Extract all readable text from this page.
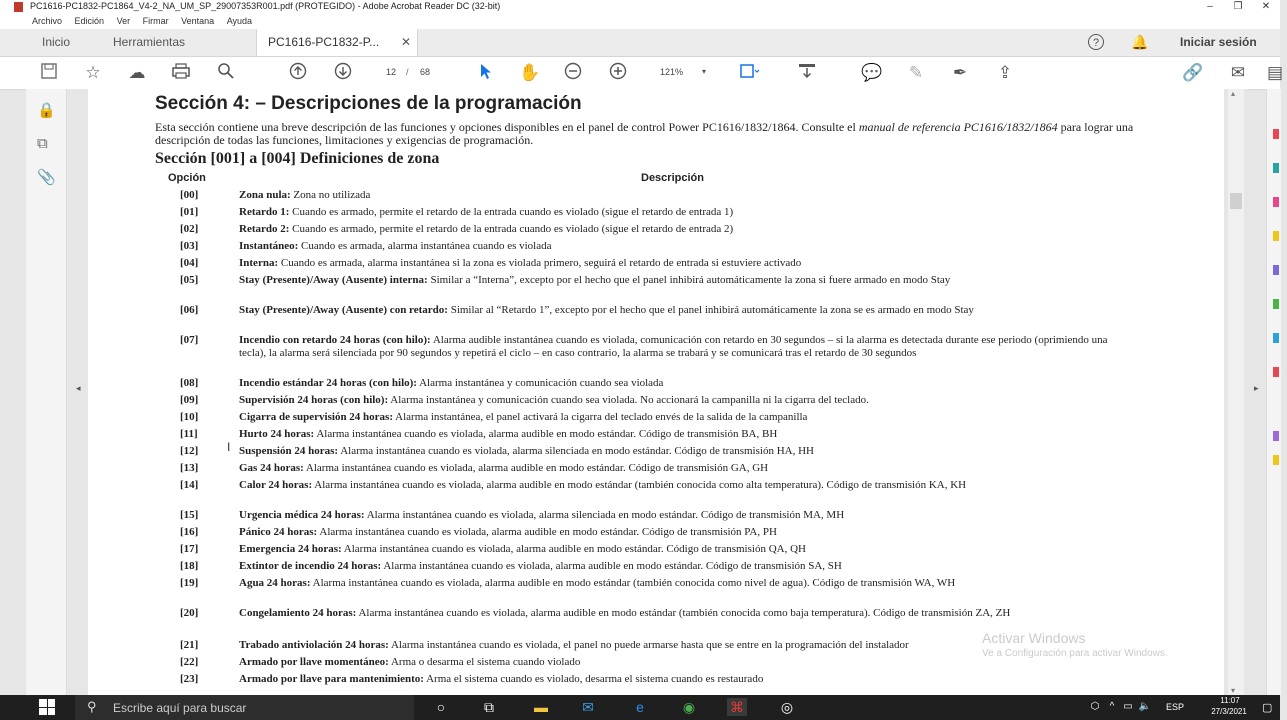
PC1616-PC1832-PC1864_V4-2_NA_UM_SP_29007353R001.pdf (PROTEGIDO) - Adobe Acrobat Reader DC (32-bit)	–	❐	✕
Archivo Edición Ver Firmar Ventana Ayuda
Inicio	Herramientas	PC1616-PC1832-P... ✕	?	🔔	Iniciar sesión
☆ ☁	12	/ 68	✋	121% ▾	💬 ✎ ✒ ⇪	🔗 ✉ ▤
🔒
⧉
📎
◂	▸
Sección 4: – Descripciones de la programación
Esta sección contiene una breve descripción de las funciones y opciones disponibles en el panel de control Power PC1616/1832/1864. Consulte el manual de referencia PC1616/1832/1864 para lograr una descripción de todas las funciones, limitaciones y exigencias de programación.
Sección [001] a [004] Definiciones de zona
Opción	Descripción
[00]	Zona nula: Zona no utilizada
[01]	Retardo 1: Cuando es armado, permite el retardo de la entrada cuando es violado (sigue el retardo de entrada 1)
[02]	Retardo 2: Cuando es armado, permite el retardo de la entrada cuando es violado (sigue el retardo de entrada 2)
[03]	Instantáneo: Cuando es armada, alarma instantánea cuando es violada
[04]	Interna: Cuando es armada, alarma instantánea si la zona es violada primero, seguirá el retardo de entrada si estuviere activado
[05]	Stay (Presente)/Away (Ausente) interna: Similar a “Interna”, excepto por el hecho que el panel inhibirá automáticamente la zona si fuere armado en modo Stay
[06]	Stay (Presente)/Away (Ausente) con retardo: Similar al “Retardo 1”, excepto por el hecho que el panel inhibirá automáticamente la zona se es armado en modo Stay
[07]	Incendio con retardo 24 horas (con hilo): Alarma audible instantánea cuando es violada, comunicación con retardo en 30 segundos – si la alarma es detectada durante ese periodo (oprimiendo una tecla), la alarma será silenciada por 90 segundos y repetirá el ciclo – en caso contrario, la alarma se trabará y se comunicará tras el retardo de 30 segundos
[08]	Incendio estándar 24 horas (con hilo): Alarma instantánea y comunicación cuando sea violada
[09]	Supervisión 24 horas (con hilo): Alarma instantánea y comunicación cuando sea violada. No accionará la campanilla ni la cigarra del teclado.
[10]	Cigarra de supervisión 24 horas: Alarma instantánea, el panel activará la cigarra del teclado envés de la salida de la campanilla
[11]	Hurto 24 horas: Alarma instantánea cuando es violada, alarma audible en modo estándar. Código de transmisión BA, BH
[12]	Suspensión 24 horas: Alarma instantánea cuando es violada, alarma silenciada en modo estándar. Código de transmisión HA, HH
[13]	Gas 24 horas: Alarma instantánea cuando es violada, alarma audible en modo estándar. Código de transmisión GA, GH
[14]	Calor 24 horas: Alarma instantánea cuando es violada, alarma audible en modo estándar (también conocida como alta temperatura). Código de transmisión KA, KH
[15]	Urgencia médica 24 horas: Alarma instantánea cuando es violada, alarma silenciada en modo estándar. Código de transmisión MA, MH
[16]	Pánico 24 horas: Alarma instantánea cuando es violada, alarma audible en modo estándar. Código de transmisión PA, PH
[17]	Emergencia 24 horas: Alarma instantánea cuando es violada, alarma audible en modo estándar. Código de transmisión QA, QH
[18]	Extintor de incendio 24 horas: Alarma instantánea cuando es violada, alarma audible en modo estándar. Código de transmisión SA, SH
[19]	Agua 24 horas: Alarma instantánea cuando es violada, alarma audible en modo estándar (también conocida como nivel de agua). Código de transmisión WA, WH
[20]	Congelamiento 24 horas: Alarma instantánea cuando es violada, alarma audible en modo estándar (también conocida como baja temperatura). Código de transmisión ZA, ZH
[21]	Trabado antiviolación 24 horas: Alarma instantánea cuando es violada, el panel no puede armarse hasta que se entre en la programación del instalador
[22]	Armado por llave momentáneo: Arma o desarma el sistema cuando violado
[23]	Armado por llave para mantenimiento: Arma el sistema cuando es violado, desarma el sistema cuando es restaurado
I
▴
▾
Activar Windows
Ve a Configuración para activar Windows.
⚲ Escribe aquí para buscar	○	⧉	▬ ✉	e	◉ ⌘	◎	⬡	^ ▭ 🔈	ESP
11:07
27/3/2021	▢
